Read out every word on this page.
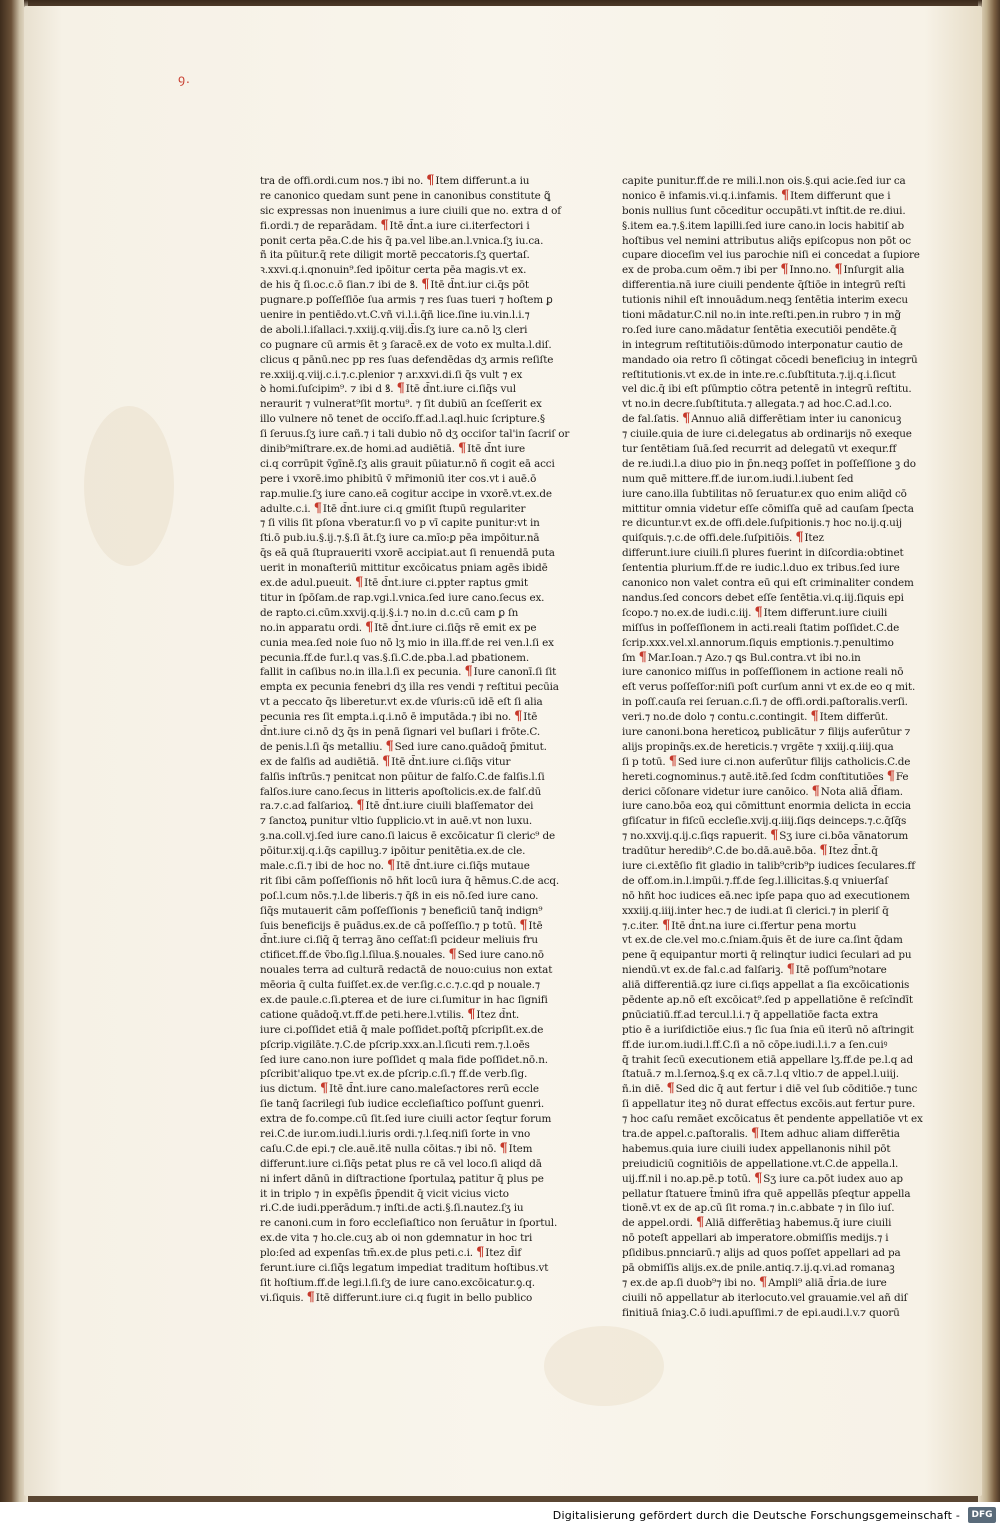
ꝯ.
tra de offi.ordi.cum nos.⁊ ibi no. ¶Item differunt.a iu
re canonico quedam sunt pene in canonibus constitute ꝗ̃
sic expressas non inuenimus a iure ciuili que no. extra d of
fi.ordi.⁊ de reparādam. ¶Itē d̄nt.a iure ci.iterfectori i
ponit certa pēa.C.de his q̄ pa.vel libe.an.l.vnica.ſʒ iu.ca.
ñ ita pūitur.q̄ rete diligit mortē peccatoris.ſʒ quertaſ.
ꝛ.xxvi.q.i.qnonuin⁹.ſed ipōitur certa pēa magis.vt ex.
de his q̄ ſi.oc.c.ō ſian.⁊ ibi de ꝸ. ¶Itē d̄nt.iur ci.q̄s pōt
pugnare.p poſſeſſiōe ſua armis ⁊ res ſuas tueri ⁊ hoſtem ꝑ
uenire in pentiēdo.vt.C.vñ vi.l.i.q̄ñ lice.ſine iu.vin.l.i.⁊
de aboli.l.iſallaci.⁊.xxiij.q.viij.d̄is.ſʒ iure ca.nō lʒ cleri
co pugnare cū armis ēt ȝ ſaracē.ex de voto ex multa.l.diſ.
clicus q pānū.nec pp res ſuas defendēdas dʒ armis reſiſte
re.xxiij.q.viij.c.i.⁊.c.plenior ⁊ ar.xxvi.di.ſi q̄s vult ⁊ ex
ꝺ homi.ſuſcipim⁹. ⁊ ibi d ꝸ. ¶Itē d̄nt.iure ci.ſiq̄s vul
neraurit ⁊ vulnerat⁹ſit mortu⁹. ⁊ ſit dubiū an ſceſſerit ex
illo vulnere nō tenet de occiſo.ff.ad.l.aql.huic ſcripture.§
ſi ſeruus.ſʒ iure cañ.⁊ i tali dubio nō dʒ occiſor tal'in ſacriſ or
dinib⁹miſtrare.ex.de homi.ad audiētiā. ¶Itē d̄nt iure
ci.q corrūpit v̄gīnē.ſʒ alis grauit pūiatur.nō ñ cogit eā acci
pere i vxorē.imo phibitū v̄ mr̄imoniū iter cos.vt i auē.ō
rap.mulie.ſʒ iure cano.eā cogitur accipe in vxorē.vt.ex.de
adulte.c.i. ¶Itē d̄nt.iure ci.q gmiſit ſtupū regulariter
⁊ ſi vilis ſit pſona vberatur.ſi vo p vī capite punitur:vt in
ſti.ō pub.iu.§.ij.⁊.§.ſi āt.ſʒ iure ca.mīo:ꝑ pēa impōitur.nā
q̄s eā quā ſtupraueriti vxorē accipiat.aut ſi renuendā puta
uerit in monaſteriū mittitur excōicatus pniam agēs ibidē
ex.de adul.pueuit. ¶Itē d̄nt.iure ci.ppter raptus gmit
titur in ſpōſam.de rap.vgi.l.vnica.ſed iure cano.ſecus ex.
de rapto.ci.cūm.xxvij.q.ij.§.i.⁊ no.in d.c.cū cam ꝑ ſn
no.in apparatu ordi. ¶Itē d̄nt.iure ci.ſiq̄s rē emit ex pe
cunia mea.ſed noie ſuo nō lʒ mio in illa.ff.de rei ven.l.ſi ex
pecunia.ff.de fur.l.q vas.§.ſi.C.de.pba.l.ad pbationem.
fallit in caſibus no.in illa.l.ſi ex pecunia. ¶Iure canonī.ſi ſit
empta ex pecunia fenebri dʒ illa res vendi ⁊ reſtitui pecūia
vt a peccato q̄s liberetur.vt ex.de vſuris:cū idē eſt ſi alia
pecunia res ſit empta.i.q.i.nō ē imputāda.⁊ ibi no. ¶Itē
d̄nt.iure ci.nō dʒ q̄s in penā ſignari vel buſlari i frōte.C.
de penis.l.ſi q̄s metalliu. ¶Sed iure cano.quādoq̄ p̄mitut.
ex de falſis ad audiētiā. ¶Itē d̄nt.iure ci.ſiq̄s vitur
falſis inſtrūs.⁊ penitcat non pūitur de falſo.C.de falſis.l.ſi
falſos.iure cano.ſecus in litteris apoſtolicis.ex.de falſ.dū
ra.⁊.c.ad falſarioꝝ. ¶Itē d̄nt.iure ciuili blaſſemator dei
⁊ ſanctoꝝ punitur vltio ſupplicio.vt in auē.vt non luxu.
ȝ.na.coll.vj.ſed iure cano.ſi laicus ē excōicatur ſi cleric⁹ de
pōitur.xij.q.i.q̄s capilluꝫ.⁊ ipōitur penitētia.ex.de cle.
male.c.ſi.⁊ ibi de hoc no. ¶Itē d̄nt.iure ci.ſiq̄s mutaue
rit ſibi cām poſſeſſionis nō hñt locū iura q̄ hēmus.C.de acq.
poſ.l.cum nōs.⁊.l.de liberis.⁊ q̄ß in eis nō.ſed iure cano.
ſiq̄s mutauerit cām poſſeſſionis ⁊ beneficiū tanq̄ indign⁹
ſuis beneficijs ē puādus.ex.de cā poſſeſſio.⁊ p totū. ¶Itē
d̄nt.iure ci.ſiq̄ q̄ terraꝫ āno ceſſat:ſi pcideur meliuis fru
ctificet.ff.de v̄bo.ſig.l.ſilua.§.nouales. ¶Sed iure cano.nō
nouales terra ad culturā redactā de nouo:cuius non extat
mēoria q̄ culta fuiſſet.ex.de ver.ſig.c.c.⁊.c.qd p nouale.⁊
ex.de paule.c.ſi.ꝑterea et de iure ci.ſumitur in hac ſignifi
catione quādoq̄.vt.ff.de peti.here.l.vtilis. ¶Itez d̄nt.
iure ci.poſſidet etiā q̄ male poſſidet.poſtq̄ pſcripſit.ex.de
pſcrip.vigilāte.⁊.C.de pſcrip.xxx.an.l.ſicuti rem.⁊.l.oēs
ſed iure cano.non iure poſſidet q mala fide poſſidet.nō.n.
pſcribit'aliquo tpe.vt ex.de pſcrip.c.ſi.⁊ ff.de verb.ſig.
ius dictum. ¶Itē d̄nt.iure cano.maleſactores rerū eccle
ſie tanq̄ ſacrilegi ſub iudice eccleſiaſtico poſſunt guenri.
extra de fo.compe.cū ſit.ſed iure ciuili actor ſeqtur forum
rei.C.de iur.om.iudi.l.iuris ordi.⁊.l.ſeq.niſi ſorte in vno
caſu.C.de epi.⁊ cle.auē.itē nulla cōitas.⁊ ibi nō. ¶Item
differunt.iure ci.ſiq̄s petat plus re cā vel loco.ſi aliqd dā
ni infert dānū in diſtractione ſportulaꝝ patitur q̄ plus pe
it in triplo ⁊ in expēſis p̄pendit q̄ vicit vicius victo
ri.C.de iudi.pperādum.⁊ inſti.de acti.§.ſi.nautez.ſʒ iu
re canoni.cum in foro eccleſiaſtico non ſeruātur in ſportul.
ex.de vita ⁊ ho.cle.cuʒ ab oi non gdemnatur in hoc tri
plo:ſed ad expenſas tm̄.ex.de plus peti.c.i. ¶Itez d̄if
ferunt.iure ci.ſiq̄s legatum impediat traditum hoſtibus.vt
ſit hoſtium.ff.de legi.l.ſi.ſʒ de iure cano.excōicatur.ꝯ.q.
vi.ſiquis. ¶Itē differunt.iure ci.q fugit in bello publico
capite punitur.ff.de re mili.l.non ois.§.qui acie.ſed iur ca
nonico ē infamis.vi.q.i.infamis. ¶Item differunt que i
bonis nullius ſunt cōceditur occupāti.vt inſtit.de re.diui.
§.item ea.⁊.§.item lapilli.ſed iure cano.in locis habitiſ ab
hoſtibus vel nemini attributus aliq̄s epiſcopus non pōt oc
cupare dioceſim vel ius parochie niſi ei concedat a ſupiore
ex de proba.cum oēm.⁊ ibi per ¶Inno.no. ¶Inſurgit alia
differentia.nā iure ciuili pendente q̄ſtiōe in integrū reſti
tutionis nihil eſt innouādum.neqꝫ ſentētia interim execu
tioni mādatur.C.nil no.in inte.reſti.pen.in rubro ⁊ in mg̃
ro.ſed iure cano.mādatur ſentētia executiōi pendēte.q̄
in integrum reſtitutiōis:dūmodo interponatur cautio de
mandado oia retro ſi cōtingat cōcedi beneficiuꝫ in integrū
reſtitutionis.vt ex.de in inte.re.c.ſubſtituta.⁊.ij.q.i.ſicut
vel dic.q̄ ibi eſt pſūmptio cōtra petentē in integrū reſtitu.
vt no.in decre.ſubſtituta.⁊ allegata.⁊ ad hoc.C.ad.l.co.
de fal.ſatis. ¶Annuo aliā differētiam inter iu canonicuꝫ
⁊ ciuile.quia de iure ci.delegatus ab ordinarijs nō exeque
tur ſentētiam ſuā.ſed recurrit ad delegatū vt exequr.ff
de re.iudi.l.a diuo pio in p̄n.neqꝫ poſſet in poſſeſſione ꝫ do
num quē mittere.ff.de iur.om.iudi.l.iubent ſed
iure cano.illa ſubtilitas nō ſeruatur.ex quo enim aliq̄d cō
mittitur omnia videtur eſſe cōmiſſa quē ad cauſam ſpecta
re dicuntur.vt ex.de offi.dele.ſuſpitionis.⁊ hoc no.ij.q.uij
quiſquis.⁊.c.de offi.dele.ſuſpitiōis. ¶Itez
differunt.iure ciuili.ſi plures fuerint in diſcordia:obtinet
ſententia plurium.ff.de re iudic.l.duo ex tribus.ſed iure
canonico non valet contra eū qui eſt criminaliter condem
nandus.ſed concors debet eſſe ſentētia.vi.q.iij.ſiquis epi
ſcopo.⁊ no.ex.de iudi.c.iij. ¶Item differunt.iure ciuili
miſſus in poſſeſſionem in acti.reali ſtatim poſſidet.C.de
ſcrip.xxx.vel.xl.annorum.ſiquis emptionis.⁊.penultimo
ſm ¶Mar.Ioan.⁊ Azo.⁊ ꝗs Bul.contra.vt ibi no.in
iure canonico miſſus in poſſeſſionem in actione reali nō
eſt verus poſſeſſor:niſi poſt curſum anni vt ex.de eo q mit.
in poſſ.cauſa rei ſeruan.c.ſi.⁊ de offi.ordi.paſtoralis.verſi.
veri.⁊ no.de dolo ⁊ contu.c.contingit. ¶Item differūt.
iure canoni.bona hereticoꝝ publicātur ⁊ filijs auferūtur ⁊
alijs propinq̄s.ex.de hereticis.⁊ vrgēte ⁊ xxiij.q.iiij.qua
ſi p totū. ¶Sed iure ci.non auferūtur filijs catholicis.C.de
hereti.cognominus.⁊ autē.itē.ſed ſcdm conſtitutiōes ¶Fe
derici cōſonare videtur iure canōico. ¶Nota aliā d̄fiam.
iure cano.bōa eoꝝ qui cōmittunt enormia delicta in eccia
gfiſcatur in fiſcū eccleſie.xvij.q.iiij.ſiqs deinceps.⁊.c.q̄ſq̄s
⁊ no.xxvij.q.ij.c.ſiqs rapuerit. ¶Sʒ iure ci.bōa vānatorum
tradūtur heredib⁹.C.de bo.dā.auē.bōa. ¶Itez d̄nt.q̄
iure ci.extēſio fit gladio in talib⁹crib⁹p iudices ſeculares.ff
de off.om.in.l.impūi.⁊.ff.de ſeg.l.illicitas.§.q vniuerſaſ
nō hñt hoc iudices eā.nec ipſe papa quo ad executionem
xxxiij.q.iiij.inter hec.⁊ de iudi.at ſi clerici.⁊ in pleriſ q̄
⁊.c.iter. ¶Itē d̄nt.na iure ci.ſfertur pena mortu
vt ex.de cle.vel mo.c.ſniam.q̄uis ēt de iure ca.ſint q̄dam
pene q̄ equipantur morti q̄ relinqtur iudici ſeculari ad pu
niendū.vt ex.de fal.c.ad falſariꝫ. ¶Itē poſſum⁹notare
aliā differentiā.qz iure ci.ſiqs appellat a ſia excōicationis
pēdente ap.nō eſt excōicat⁹.ſed p appellatiōne ē reſcīndīt
ꝑnūciatiū.ff.ad tercul.l.i.⁊ q̄ appellatiōe facta extra
ptio ē a iuriſdictiōe eius.⁊ ſic ſua ſnia eū iterū nō aſtringit
ff.de iur.om.iudi.l.ff.C.ſi a nō cōpe.iudi.l.i.⁊ a ſen.cuiꝰ
q̄ trahit ſecū executionem etiā appellare lʒ.ff.de pe.l.q ad
ſtatuā.⁊ m.l.ſernoꝝ.§.q ex cā.⁊.l.q vltio.⁊ de appel.l.uiij.
ñ.in diē. ¶Sed dic q̄ aut fertur i diē vel ſub cōditiōe.⁊ tunc
ſi appellatur iteꝫ nō durat effectus excōis.aut fertur pure.
⁊ hoc caſu remāet excōicatus ēt pendente appellatiōe vt ex
tra.de appel.c.paſtoralis. ¶Item adhuc aliam differētia
habemus.quia iure ciuili iudex appellanonis nihil pōt
preiudiciū cognitiōis de appellatione.vt.C.de appella.l.
uij.ff.nil i no.ap.pē.p totū. ¶Sʒ iure ca.pōt iudex auo ap
pellatur ſtatuere t̃minū ifra quē appellās pſeqtur appella
tionē.vt ex de ap.cū ſit roma.⁊ in.c.abbate ⁊ in ſilo iuſ.
de appel.ordi. ¶Aliā differētiaꝫ habemus.q̄ iure ciuili
nō poteſt appellari ab imperatore.obmiſſis medijs.⁊ i
pſidibus.pnnciarū.⁊ alijs ad quos poſſet appellari ad pa
pā obmiſſis alijs.ex.de pnile.antiq.⁊.ij.q.vi.ad romanaꝫ
⁊ ex.de ap.ſi duob⁹⁊ ibi no. ¶Ampli⁹ aliā d̄ria.de iure
ciuili nō appellatur ab iterlocuto.vel grauamie.vel añ diſ
finitiuā ſniaꝫ.C.ō iudi.apuſſimi.⁊ de epi.audi.l.v.⁊ quorū
Digitalisierung gefördert durch die Deutsche Forschungsgemeinschaft -	DFG
